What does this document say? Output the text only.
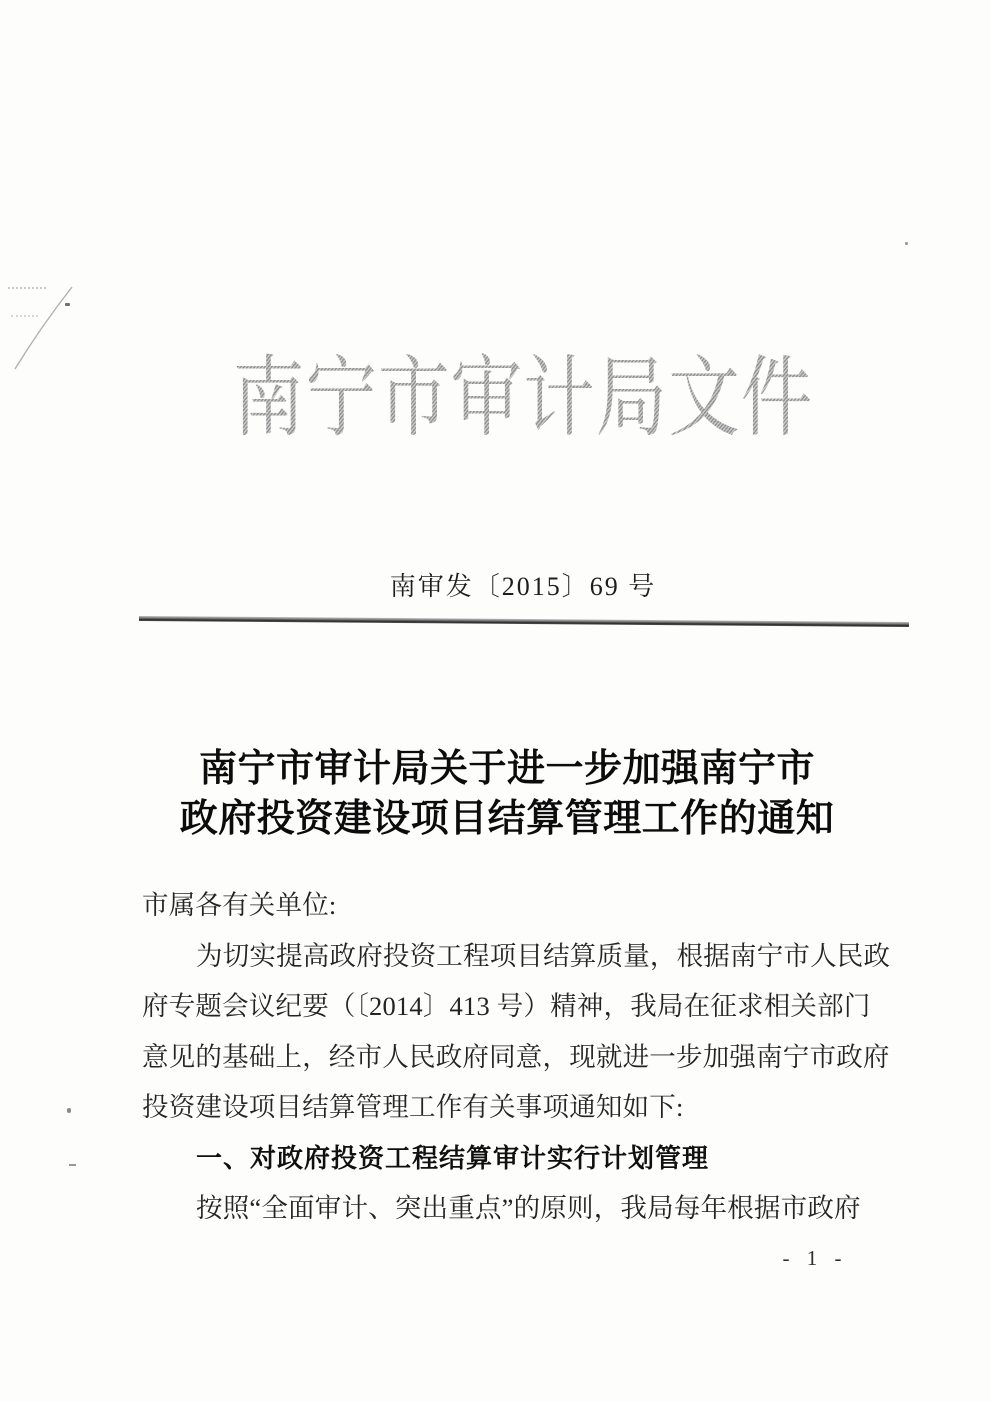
南宁市审计局文件
南审发〔2015〕69 号
南宁市审计局关于进一步加强南宁市
政府投资建设项目结算管理工作的通知
市属各有关单位:
为切实提高政府投资工程项目结算质量，根据南宁市人民政
府专题会议纪要（〔2014〕413 号）精神，我局在征求相关部门
意见的基础上，经市人民政府同意，现就进一步加强南宁市政府
投资建设项目结算管理工作有关事项通知如下:
一、对政府投资工程结算审计实行计划管理
按照“全面审计、突出重点”的原则，我局每年根据市政府
- 1 -
